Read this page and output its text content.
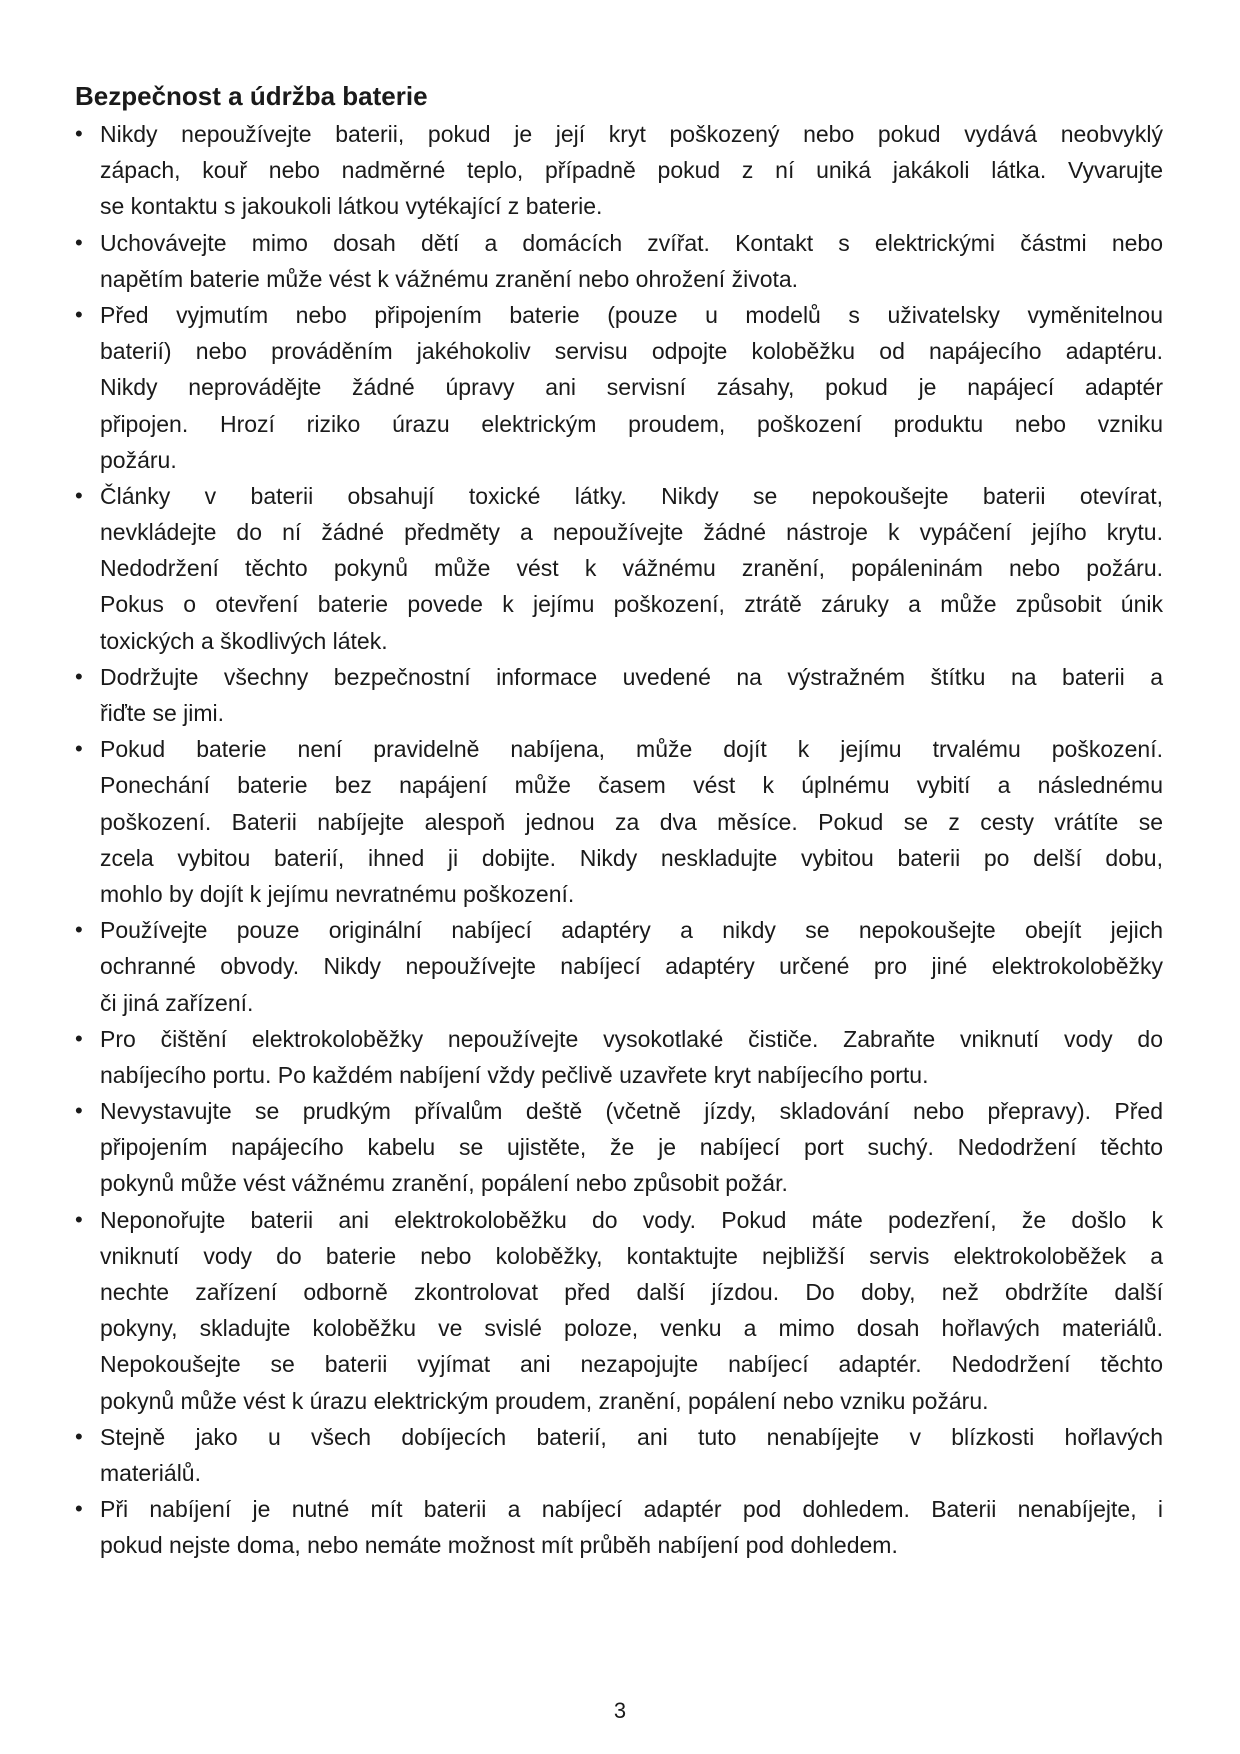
Bezpečnost a údržba baterie
• Nikdy nepoužívejte baterii, pokud je její kryt poškozený nebo pokud vydává neobvyklý
zápach, kouř nebo nadměrné teplo, případně pokud z ní uniká jakákoli látka. Vyvarujte
se kontaktu s jakoukoli látkou vytékající z baterie.
• Uchovávejte mimo dosah dětí a domácích zvířat. Kontakt s elektrickými částmi nebo
napětím baterie může vést k vážnému zranění nebo ohrožení života.
• Před vyjmutím nebo připojením baterie (pouze u modelů s uživatelsky vyměnitelnou
baterií) nebo prováděním jakéhokoliv servisu odpojte koloběžku od napájecího adaptéru.
Nikdy neprovádějte žádné úpravy ani servisní zásahy, pokud je napájecí adaptér
připojen. Hrozí riziko úrazu elektrickým proudem, poškození produktu nebo vzniku
požáru.
• Články v baterii obsahují toxické látky. Nikdy se nepokoušejte baterii otevírat,
nevkládejte do ní žádné předměty a nepoužívejte žádné nástroje k vypáčení jejího krytu.
Nedodržení těchto pokynů může vést k vážnému zranění, popáleninám nebo požáru.
Pokus o otevření baterie povede k jejímu poškození, ztrátě záruky a může způsobit únik
toxických a škodlivých látek.
• Dodržujte všechny bezpečnostní informace uvedené na výstražném štítku na baterii a
řiďte se jimi.
• Pokud baterie není pravidelně nabíjena, může dojít k jejímu trvalému poškození.
Ponechání baterie bez napájení může časem vést k úplnému vybití a následnému
poškození. Baterii nabíjejte alespoň jednou za dva měsíce. Pokud se z cesty vrátíte se
zcela vybitou baterií, ihned ji dobijte. Nikdy neskladujte vybitou baterii po delší dobu,
mohlo by dojít k jejímu nevratnému poškození.
• Používejte pouze originální nabíjecí adaptéry a nikdy se nepokoušejte obejít jejich
ochranné obvody. Nikdy nepoužívejte nabíjecí adaptéry určené pro jiné elektrokoloběžky
či jiná zařízení.
• Pro čištění elektrokoloběžky nepoužívejte vysokotlaké čističe. Zabraňte vniknutí vody do
nabíjecího portu. Po každém nabíjení vždy pečlivě uzavřete kryt nabíjecího portu.
• Nevystavujte se prudkým přívalům deště (včetně jízdy, skladování nebo přepravy). Před
připojením napájecího kabelu se ujistěte, že je nabíjecí port suchý. Nedodržení těchto
pokynů může vést vážnému zranění, popálení nebo způsobit požár.
• Neponořujte baterii ani elektrokoloběžku do vody. Pokud máte podezření, že došlo k
vniknutí vody do baterie nebo koloběžky, kontaktujte nejbližší servis elektrokoloběžek a
nechte zařízení odborně zkontrolovat před další jízdou. Do doby, než obdržíte další
pokyny, skladujte koloběžku ve svislé poloze, venku a mimo dosah hořlavých materiálů.
Nepokoušejte se baterii vyjímat ani nezapojujte nabíjecí adaptér. Nedodržení těchto
pokynů může vést k úrazu elektrickým proudem, zranění, popálení nebo vzniku požáru.
• Stejně jako u všech dobíjecích baterií, ani tuto nenabíjejte v blízkosti hořlavých
materiálů.
• Při nabíjení je nutné mít baterii a nabíjecí adaptér pod dohledem. Baterii nenabíjejte, i
pokud nejste doma, nebo nemáte možnost mít průběh nabíjení pod dohledem.
3
